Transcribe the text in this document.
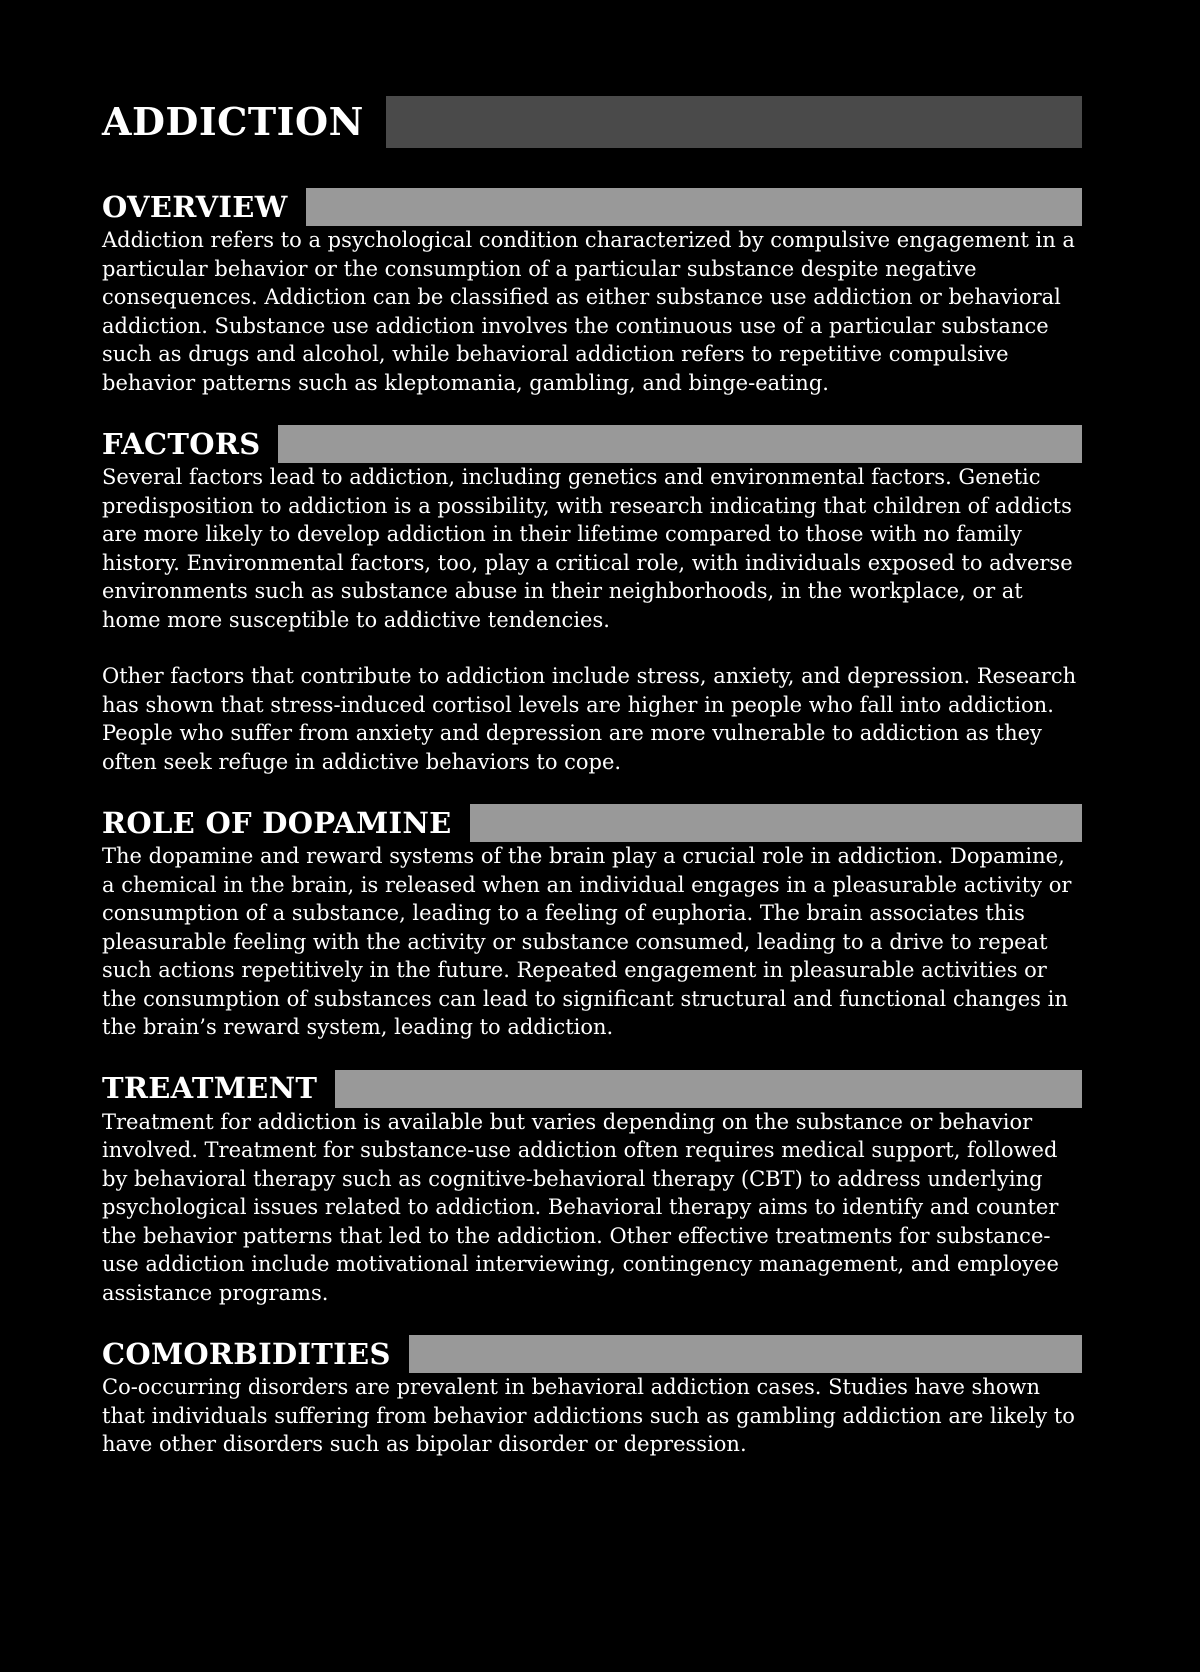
ADDICTION
OVERVIEW

Addiction refers to a psychological condition characterized by compulsive engagement in a particular behavior or the consumption of a particular substance despite negative consequences. Addiction can be classified as either substance use addiction or behavioral addiction. Substance use addiction involves the continuous use of a particular substance such as drugs and alcohol, while behavioral addiction refers to repetitive compulsive behavior patterns such as kleptomania, gambling, and binge-eating.

FACTORS

Several factors lead to addiction, including genetics and environmental factors. Genetic predisposition to addiction is a possibility, with research indicating that children of addicts are more likely to develop addiction in their lifetime compared to those with no family history. Environmental factors, too, play a critical role, with individuals exposed to adverse environments such as substance abuse in their neighborhoods, in the workplace, or at home more susceptible to addictive tendencies.

Other factors that contribute to addiction include stress, anxiety, and depression. Research has shown that stress-induced cortisol levels are higher in people who fall into addiction. People who suffer from anxiety and depression are more vulnerable to addiction as they often seek refuge in addictive behaviors to cope.

ROLE OF DOPAMINE

The dopamine and reward systems of the brain play a crucial role in addiction. Dopamine, a chemical in the brain, is released when an individual engages in a pleasurable activity or consumption of a substance, leading to a feeling of euphoria. The brain associates this pleasurable feeling with the activity or substance consumed, leading to a drive to repeat such actions repetitively in the future. Repeated engagement in pleasurable activities or the consumption of substances can lead to significant structural and functional changes in the brain’s reward system, leading to addiction.

TREATMENT

Treatment for addiction is available but varies depending on the substance or behavior involved. Treatment for substance-use addiction often requires medical support, followed by behavioral therapy such as cognitive-behavioral therapy (CBT) to address underlying psychological issues related to addiction. Behavioral therapy aims to identify and counter the behavior patterns that led to the addiction. Other effective treatments for substance-use addiction include motivational interviewing, contingency management, and employee assistance programs.

COMORBIDITIES

Co-occurring disorders are prevalent in behavioral addiction cases. Studies have shown that individuals suffering from behavior addictions such as gambling addiction are likely to have other disorders such as bipolar disorder or depression.
